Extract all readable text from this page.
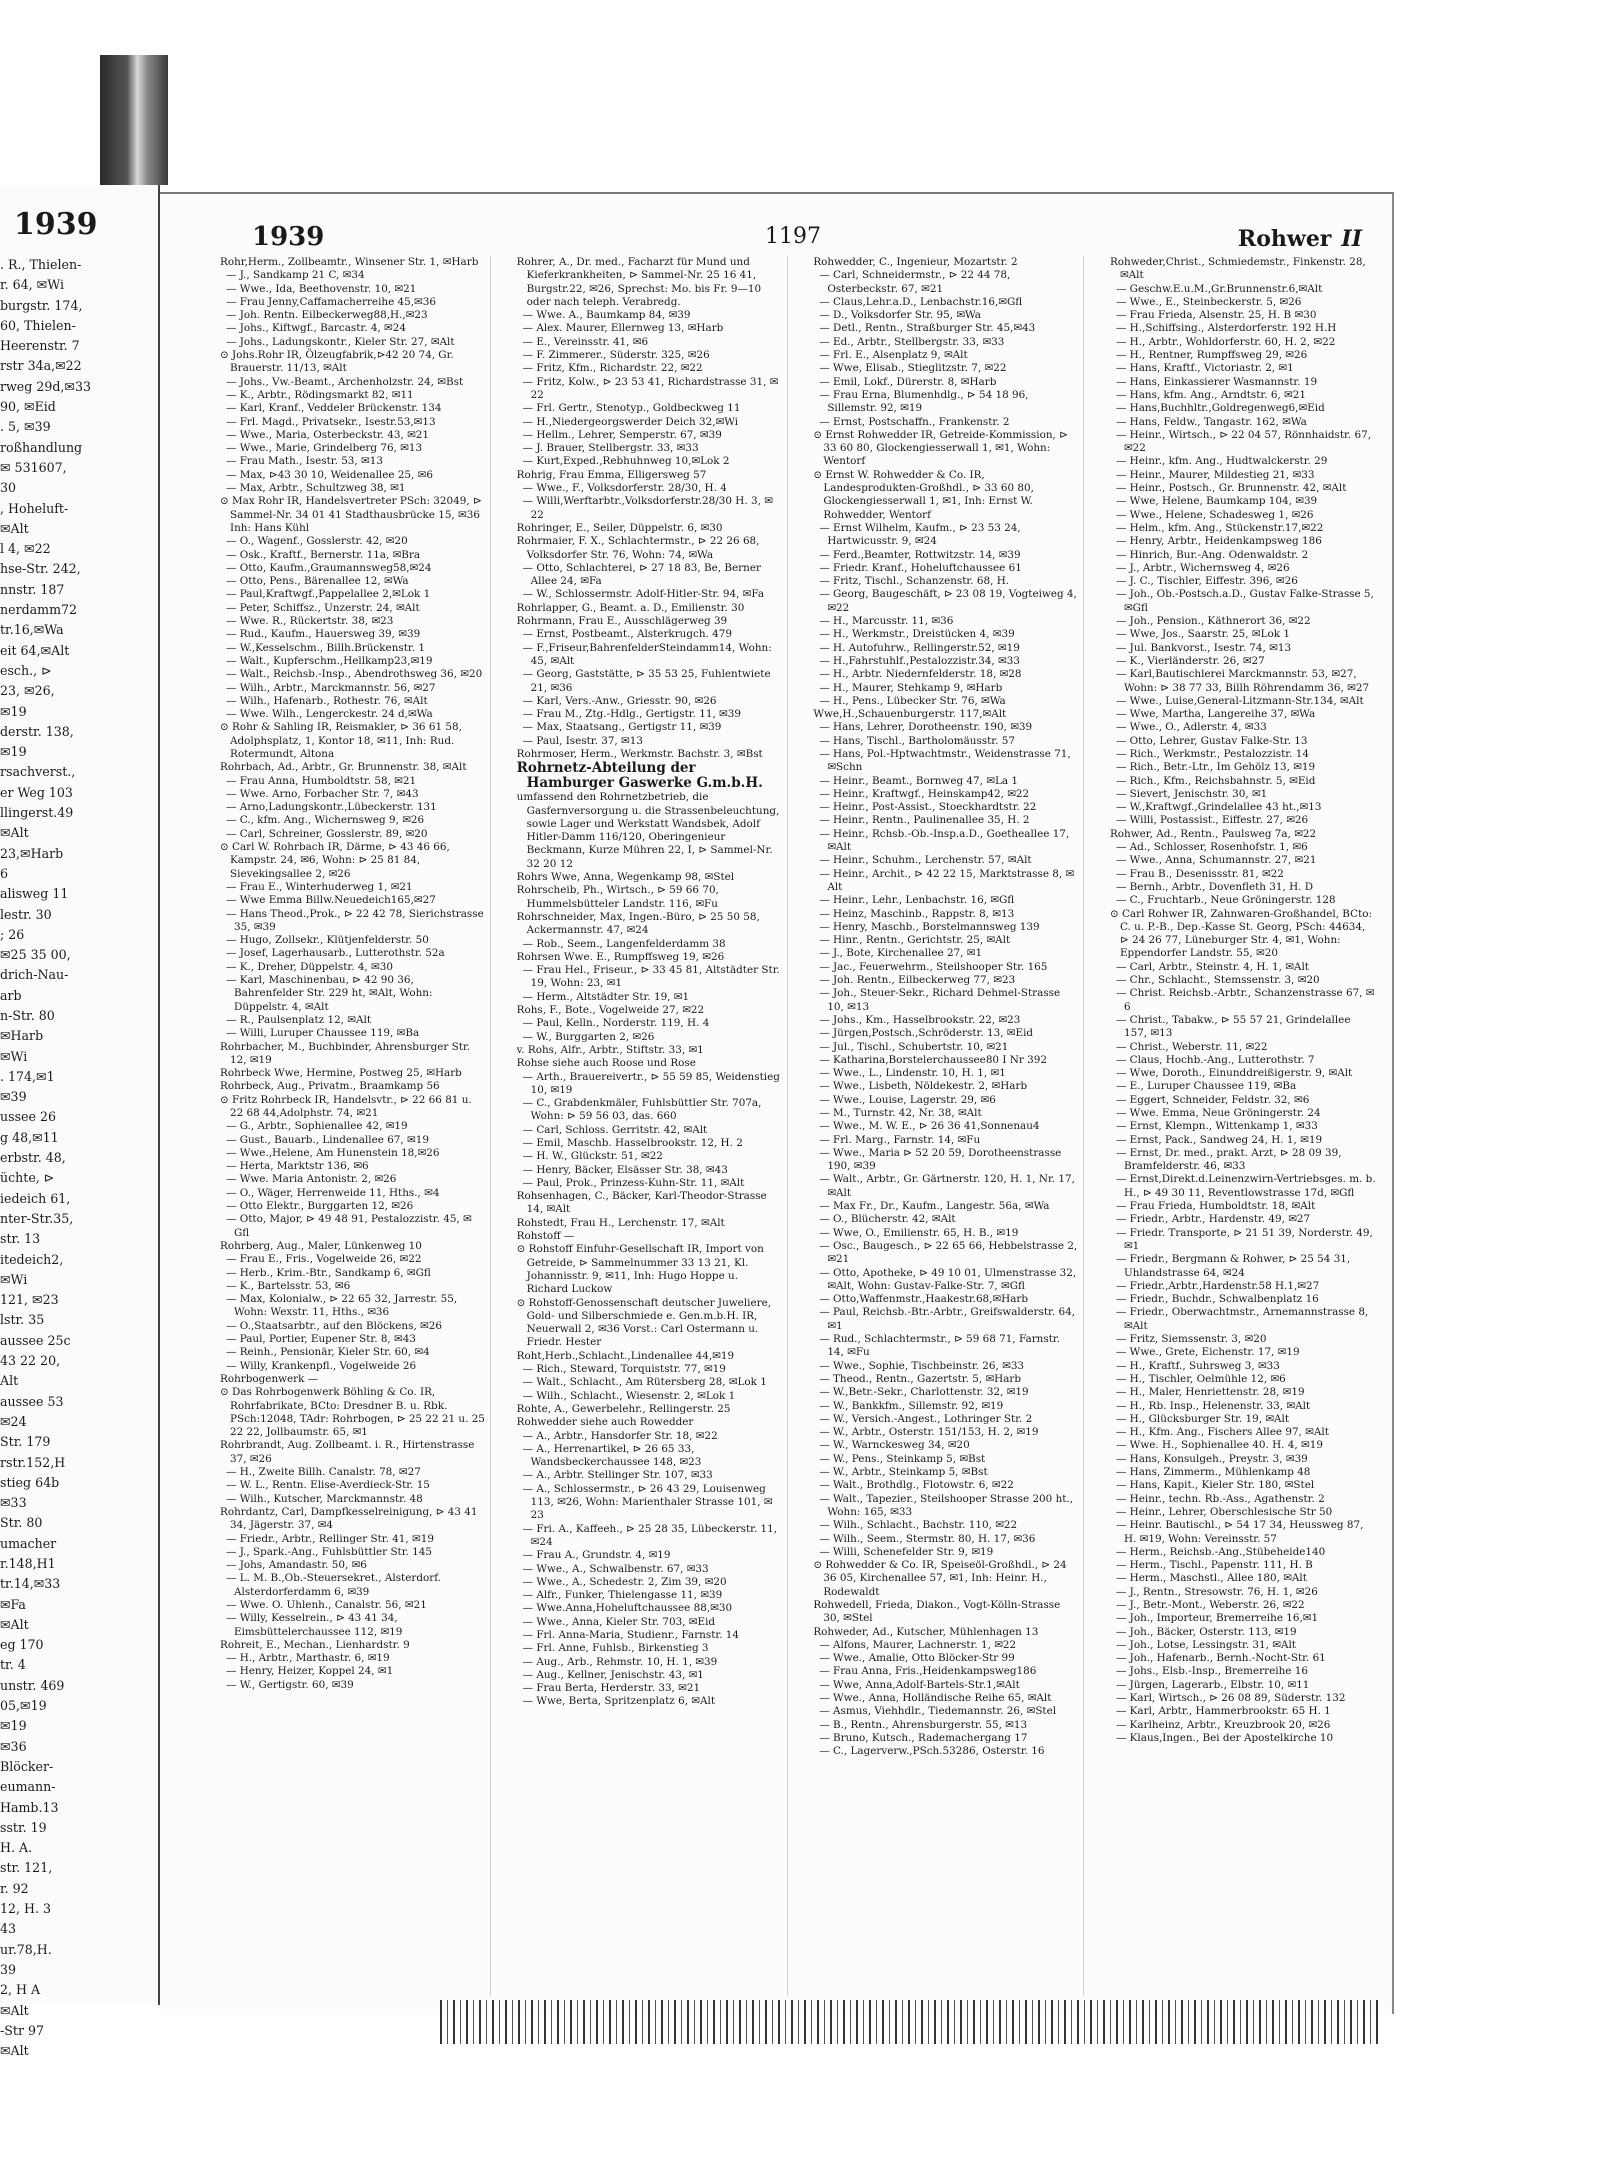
1939
. R., Thielen-
r. 64, ✉Wi
burgstr. 174,
60, Thielen-
Heerenstr. 7
rstr 34a,✉22
rweg 29d,✉33
90, ✉Eid
. 5, ✉39
roßhandlung
✉ 531607,
30
, Hoheluft-
✉Alt
l 4, ✉22
hse-Str. 242,
nnstr. 187
nerdamm72
tr.16,✉Wa
eit 64,✉Alt
esch., ⊳
23, ✉26,
✉19
derstr. 138,
✉19
rsachverst.,
er Weg 103
llingerst.49
✉Alt
23,✉Harb
6
alisweg 11
lestr. 30
; 26
✉25 35 00,
drich-Nau-
arb
n-Str. 80
✉Harb
✉Wi
. 174,✉1
✉39
ussee 26
g 48,✉11
erbstr. 48,
üchte, ⊳
iedeich 61,
nter-Str.35,
str. 13
itedeich2,
✉Wi
121, ✉23
lstr. 35
aussee 25c
43 22 20,
Alt
aussee 53
✉24
Str. 179
rstr.152,H
stieg 64b
✉33
Str. 80
umacher
r.148,H1
tr.14,✉33
✉Fa
✉Alt
eg 170
tr. 4
unstr. 469
05,✉19
✉19
✉36
Blöcker-
eumann-
Hamb.13
sstr. 19
H. A.
str. 121,
r. 92
12, H. 3
43
ur.78,H.
39
2, H A
✉Alt
-Str 97
✉Alt
1939	1197	Rohwer II

Rohr,Herm., Zollbeamtr., Winsener Str. 1, ✉Harb

— J., Sandkamp 21 C, ✉34

— Wwe., Ida, Beethovenstr. 10, ✉21

— Frau Jenny,Caffamacherreihe 45,✉36

— Joh. Rentn. Eilbeckerweg88,H.,✉23

— Johs., Kiftwgf., Barcastr. 4, ✉24

— Johs., Ladungskontr., Kieler Str. 27, ✉Alt

⊙ Johs.Rohr IR, Ölzeugfabrik,⊳42 20 74, Gr. Brauerstr. 11/13, ✉Alt

— Johs., Vw.-Beamt., Archenholzstr. 24, ✉Bst

— K., Arbtr., Rödingsmarkt 82, ✉11

— Karl, Kranf., Veddeler Brückenstr. 134

— Frl. Magd., Privatsekr., Isestr.53,✉13

— Wwe., Maria, Osterbeckstr. 43, ✉21

— Wwe., Marie, Grindelberg 76, ✉13

— Frau Math., Isestr. 53, ✉13

— Max, ⊳43 30 10, Weidenallee 25, ✉6

— Max, Arbtr., Schultzweg 38, ✉1

⊙ Max Rohr IR, Handelsvertreter PSch: 32049, ⊳ Sammel-Nr. 34 01 41 Stadthausbrücke 15, ✉36 Inh: Hans Kühl

— O., Wagenf., Gosslerstr. 42, ✉20

— Osk., Kraftf., Bernerstr. 11a, ✉Bra

— Otto, Kaufm.,Graumannsweg58,✉24

— Otto, Pens., Bärenallee 12, ✉Wa

— Paul,Kraftwgf.,Pappelallee 2,✉Lok 1

— Peter, Schiffsz., Unzerstr. 24, ✉Alt

— Wwe. R., Rückertstr. 38, ✉23

— Rud., Kaufm., Hauersweg 39, ✉39

— W.,Kesselschm., Billh.Brückenstr. 1

— Walt., Kupferschm.,Hellkamp23,✉19

— Walt., Reichsb.-Insp., Abendrothsweg 36, ✉20

— Wilh., Arbtr., Marckmannstr. 56, ✉27

— Wilh., Hafenarb., Rothestr. 76, ✉Alt

— Wwe. Wilh., Lengerckestr. 24 d,✉Wa

⊙ Rohr & Sahling IR, Reismakler, ⊳ 36 61 58, Adolphsplatz, 1, Kontor 18, ✉11, Inh: Rud. Rotermundt, Altona

Rohrbach, Ad., Arbtr., Gr. Brunnenstr. 38, ✉Alt

— Frau Anna, Humboldtstr. 58, ✉21

— Wwe. Arno, Forbacher Str. 7, ✉43

— Arno,Ladungskontr.,Lübeckerstr. 131

— C., kfm. Ang., Wichernsweg 9, ✉26

— Carl, Schreiner, Gosslerstr. 89, ✉20

⊙ Carl W. Rohrbach IR, Därme, ⊳ 43 46 66, Kampstr. 24, ✉6, Wohn: ⊳ 25 81 84, Sievekingsallee 2, ✉26

— Frau E., Winterhuderweg 1, ✉21

— Wwe Emma Billw.Neuedeich165,✉27

— Hans Theod.,Prok., ⊳ 22 42 78, Sierichstrasse 35, ✉39

— Hugo, Zollsekr., Klütjenfelderstr. 50

— Josef, Lagerhausarb., Lutterothstr. 52a

— K., Dreher, Düppelstr. 4, ✉30

— Karl, Maschinenbau, ⊳ 42 90 36, Bahrenfelder Str. 229 ht, ✉Alt, Wohn: Düppelstr. 4, ✉Alt

— R., Paulsenplatz 12, ✉Alt

— Willi, Luruper Chaussee 119, ✉Ba

Rohrbacher, M., Buchbinder, Ahrensburger Str. 12, ✉19

Rohrbeck Wwe, Hermine, Postweg 25, ✉Harb

Rohrbeck, Aug., Privatm., Braamkamp 56

⊙ Fritz Rohrbeck IR, Handelsvtr., ⊳ 22 66 81 u. 22 68 44,Adolphstr. 74, ✉21

— G., Arbtr., Sophienallee 42, ✉19

— Gust., Bauarb., Lindenallee 67, ✉19

— Wwe.,Helene, Am Hunenstein 18,✉26

— Herta, Marktstr 136, ✉6

— Wwe. Maria Antonistr. 2, ✉26

— O., Wäger, Herrenweide 11, Hths., ✉4

— Otto Elektr., Burggarten 12, ✉26

— Otto, Major, ⊳ 49 48 91, Pestalozzistr. 45, ✉Gfl

Rohrberg, Aug., Maler, Lünkenweg 10

— Frau E., Fris., Vogelweide 26, ✉22

— Herb., Krim.-Btr., Sandkamp 6, ✉Gfl

— K., Bartelsstr. 53, ✉6

— Max, Kolonialw., ⊳ 22 65 32, Jarrestr. 55, Wohn: Wexstr. 11, Hths., ✉36

— O.,Staatsarbtr., auf den Blöckens, ✉26

— Paul, Portier, Eupener Str. 8, ✉43

— Reinh., Pensionär, Kieler Str. 60, ✉4

— Willy, Krankenpfl., Vogelweide 26

Rohrbogenwerk —

⊙ Das Rohrbogenwerk Böhling & Co. IR, Rohrfabrikate, BCto: Dresdner B. u. Rbk. PSch:12048, TAdr: Rohrbogen, ⊳ 25 22 21 u. 25 22 22, Jollbaumstr. 65, ✉1

Rohrbrandt, Aug. Zollbeamt. i. R., Hirtenstrasse 37, ✉26

— H., Zweite Billh. Canalstr. 78, ✉27

— W. L., Rentn. Elise-Averdieck-Str. 15

— Wilh., Kutscher, Marckmannstr. 48

Rohrdantz, Carl, Dampfkesselreinigung, ⊳ 43 41 34, Jägerstr. 37, ✉4

— Friedr., Arbtr., Rellinger Str. 41, ✉19

— J., Spark.-Ang., Fuhlsbüttler Str. 145

— Johs, Amandastr. 50, ✉6

— L. M. B.,Ob.-Steuersekret., Alsterdorf. Alsterdorferdamm 6, ✉39

— Wwe. O. Uhlenh., Canalstr. 56, ✉21

— Willy, Kesselrein., ⊳ 43 41 34, Eimsbüttelerchaussee 112, ✉19

Rohreit, E., Mechan., Lienhardstr. 9

— H., Arbtr., Marthastr. 6, ✉19

— Henry, Heizer, Koppel 24, ✉1

— W., Gertigstr. 60, ✉39

Rohrer, A., Dr. med., Facharzt für Mund und Kieferkrankheiten, ⊳ Sammel-Nr. 25 16 41, Burgstr.22, ✉26, Sprechst: Mo. bis Fr. 9—10 oder nach teleph. Verabredg.

— Wwe. A., Baumkamp 84, ✉39

— Alex. Maurer, Ellernweg 13, ✉Harb

— E., Vereinsstr. 41, ✉6

— F. Zimmerer., Süderstr. 325, ✉26

— Fritz, Kfm., Richardstr. 22, ✉22

— Fritz, Kolw., ⊳ 23 53 41, Richardstrasse 31, ✉22

— Frl. Gertr., Stenotyp., Goldbeckweg 11

— H.,Niedergeorgswerder Deich 32,✉Wi

— Hellm., Lehrer, Semperstr. 67, ✉39

— J. Brauer, Stellbergstr. 33, ✉33

— Kurt,Exped.,Rebhuhnweg 10,✉Lok 2

Rohrig, Frau Emma, Elligersweg 57

— Wwe., F., Volksdorferstr. 28/30, H. 4

— Willi,Werftarbtr.,Volksdorferstr.28/30 H. 3, ✉22

Rohringer, E., Seiler, Düppelstr. 6, ✉30

Rohrmaier, F. X., Schlachtermstr., ⊳ 22 26 68, Volksdorfer Str. 76, Wohn: 74, ✉Wa

— Otto, Schlachterei, ⊳ 27 18 83, Be, Berner Allee 24, ✉Fa

— W., Schlossermstr. Adolf-Hitler-Str. 94, ✉Fa

Rohrlapper, G., Beamt. a. D., Emilienstr. 30

Rohrmann, Frau E., Ausschlägerweg 39

— Ernst, Postbeamt., Alsterkrugch. 479

— F.,Friseur,BahrenfelderSteindamm14, Wohn: 45, ✉Alt

— Georg, Gaststätte, ⊳ 35 53 25, Fuhlentwiete 21, ✉36

— Karl, Vers.-Anw., Griesstr. 90, ✉26

— Frau M., Ztg.-Hdlg., Gertigstr. 11, ✉39

— Max, Staatsang., Gertigstr 11, ✉39

— Paul, Isestr. 37, ✉13

Rohrmoser, Herm., Werkmstr. Bachstr. 3, ✉Bst

Rohrnetz-Abteilung der Hamburger Gaswerke G.m.b.H.

umfassend den Rohrnetzbetrieb, die Gasfernversorgung u. die Strassenbeleuchtung, sowie Lager und Werkstatt Wandsbek, Adolf Hitler-Damm 116/120, Oberingenieur Beckmann, Kurze Mühren 22, I, ⊳ Sammel-Nr. 32 20 12

Rohrs Wwe, Anna, Wegenkamp 98, ✉Stel

Rohrscheib, Ph., Wirtsch., ⊳ 59 66 70, Hummelsbütteler Landstr. 116, ✉Fu

Rohrschneider, Max, Ingen.-Büro, ⊳ 25 50 58, Ackermannstr. 47, ✉24

— Rob., Seem., Langenfelderdamm 38

Rohrsen Wwe. E., Rumpffsweg 19, ✉26

— Frau Hel., Friseur., ⊳ 33 45 81, Altstädter Str. 19, Wohn: 23, ✉1

— Herm., Altstädter Str. 19, ✉1

Rohs, F., Bote., Vogelweide 27, ✉22

— Paul, Kelln., Norderstr. 119, H. 4

— W., Burggarten 2, ✉26

v. Rohs, Alfr., Arbtr., Stiftstr. 33, ✉1

Rohse siehe auch Roose und Rose

— Arth., Brauereivertr., ⊳ 55 59 85, Weidenstieg 10, ✉19

— C., Grabdenkmäler, Fuhlsbüttler Str. 707a, Wohn: ⊳ 59 56 03, das. 660

— Carl, Schloss. Gerritstr. 42, ✉Alt

— Emil, Maschb. Hasselbrookstr. 12, H. 2

— H. W., Glückstr. 51, ✉22

— Henry, Bäcker, Elsässer Str. 38, ✉43

— Paul, Prok., Prinzess-Kuhn-Str. 11, ✉Alt

Rohsenhagen, C., Bäcker, Karl-Theodor-Strasse 14, ✉Alt

Rohstedt, Frau H., Lerchenstr. 17, ✉Alt

Rohstoff —

⊙ Rohstoff Einfuhr-Gesellschaft IR, Import von Getreide, ⊳ Sammelnummer 33 13 21, Kl. Johannisstr. 9, ✉11, Inh: Hugo Hoppe u. Richard Luckow

⊙ Rohstoff-Genossenschaft deutscher Juweliere, Gold- und Silberschmiede e. Gen.m.b.H. IR, Neuerwall 2, ✉36 Vorst.: Carl Ostermann u. Friedr. Hester

Roht,Herb.,Schlacht.,Lindenallee 44,✉19

— Rich., Steward, Torquiststr. 77, ✉19

— Walt., Schlacht., Am Rütersberg 28, ✉Lok 1

— Wilh., Schlacht., Wiesenstr. 2, ✉Lok 1

Rohte, A., Gewerbelehr., Rellingerstr. 25

Rohwedder siehe auch Rowedder

— A., Arbtr., Hansdorfer Str. 18, ✉22

— A., Herrenartikel, ⊳ 26 65 33, Wandsbeckerchaussee 148, ✉23

— A., Arbtr. Stellinger Str. 107, ✉33

— A., Schlossermstr., ⊳ 26 43 29, Louisenweg 113, ✉26, Wohn: Marienthaler Strasse 101, ✉23

— Fri. A., Kaffeeh., ⊳ 25 28 35, Lübeckerstr. 11, ✉24

— Frau A., Grundstr. 4, ✉19

— Wwe., A., Schwalbenstr. 67, ✉33

— Wwe., A., Schedestr. 2, Zim 39, ✉20

— Alfr., Funker, Thielengasse 11, ✉39

— Wwe.Anna,Hoheluftchaussee 88,✉30

— Wwe., Anna, Kieler Str. 703, ✉Eid

— Frl. Anna-Maria, Studienr., Farnstr. 14

— Frl. Anne, Fuhlsb., Birkenstieg 3

— Aug., Arb., Rehmstr. 10, H. 1, ✉39

— Aug., Kellner, Jenischstr. 43, ✉1

— Frau Berta, Herderstr. 33, ✉21

— Wwe, Berta, Spritzenplatz 6, ✉Alt

Rohwedder, C., Ingenieur, Mozartstr. 2

— Carl, Schneidermstr., ⊳ 22 44 78, Osterbeckstr. 67, ✉21

— Claus,Lehr.a.D., Lenbachstr.16,✉Gfl

— D., Volksdorfer Str. 95, ✉Wa

— Detl., Rentn., Straßburger Str. 45,✉43

— Ed., Arbtr., Stellbergstr. 33, ✉33

— Frl. E., Alsenplatz 9, ✉Alt

— Wwe, Elisab., Stieglitzstr. 7, ✉22

— Emil, Lokf., Dürerstr. 8, ✉Harb

— Frau Erna, Blumenhdlg., ⊳ 54 18 96, Sillemstr. 92, ✉19

— Ernst, Postschaffn., Frankenstr. 2

⊙ Ernst Rohwedder IR, Getreide-Kommission, ⊳ 33 60 80, Glockengiesserwall 1, ✉1, Wohn: Wentorf

⊙ Ernst W. Rohwedder & Co. IR, Landesprodukten-Großhdl., ⊳ 33 60 80, Glockengiesserwall 1, ✉1, Inh: Ernst W. Rohwedder, Wentorf

— Ernst Wilhelm, Kaufm., ⊳ 23 53 24, Hartwicusstr. 9, ✉24

— Ferd.,Beamter, Rottwitzstr. 14, ✉39

— Friedr. Kranf., Hoheluftchaussee 61

— Fritz, Tischl., Schanzenstr. 68, H.

— Georg, Baugeschäft, ⊳ 23 08 19, Vogteiweg 4, ✉22

— H., Marcusstr. 11, ✉36

— H., Werkmstr., Dreistücken 4, ✉39

— H. Autofuhrw., Rellingerstr.52, ✉19

— H.,Fahrstuhlf.,Pestalozzistr.34, ✉33

— H., Arbtr. Niedernfelderstr. 18, ✉28

— H., Maurer, Stehkamp 9, ✉Harb

— H., Pens., Lübecker Str. 76, ✉Wa

Wwe,H.,Schauenburgerstr. 117,✉Alt

— Hans, Lehrer, Dorotheenstr. 190, ✉39

— Hans, Tischl., Bartholomäusstr. 57

— Hans, Pol.-Hptwachtmstr., Weidenstrasse 71, ✉Schn

— Heinr., Beamt., Bornweg 47, ✉La 1

— Heinr., Kraftwgf., Heinskamp42, ✉22

— Heinr., Post-Assist., Stoeckhardtstr. 22

— Heinr., Rentn., Paulinenallee 35, H. 2

— Heinr., Rchsb.-Ob.-Insp.a.D., Goetheallee 17, ✉Alt

— Heinr., Schuhm., Lerchenstr. 57, ✉Alt

— Heinr., Archit., ⊳ 42 22 15, Marktstrasse 8, ✉Alt

— Heinr., Lehr., Lenbachstr. 16, ✉Gfl

— Heinz, Maschinb., Rappstr. 8, ✉13

— Henry, Maschb., Borstelmannsweg 139

— Hinr., Rentn., Gerichtstr. 25, ✉Alt

— J., Bote, Kirchenallee 27, ✉1

— Jac., Feuerwehrm., Steilshooper Str. 165

— Joh. Rentn., Eilbeckerweg 77, ✉23

— Joh., Steuer-Sekr., Richard Dehmel-Strasse 10, ✉13

— Johs., Km., Hasselbrookstr. 22, ✉23

— Jürgen,Postsch.,Schröderstr. 13, ✉Eid

— Jul., Tischl., Schubertstr. 10, ✉21

— Katharina,Borstelerchaussee80 I Nr 392

— Wwe., L., Lindenstr. 10, H. 1, ✉1

— Wwe., Lisbeth, Nöldekestr. 2, ✉Harb

— Wwe., Louise, Lagerstr. 29, ✉6

— M., Turnstr. 42, Nr. 38, ✉Alt

— Wwe., M. W. E., ⊳ 26 36 41,Sonnenau4

— Frl. Marg., Farnstr. 14, ✉Fu

— Wwe., Maria ⊳ 52 20 59, Dorotheenstrasse 190, ✉39

— Walt., Arbtr., Gr. Gärtnerstr. 120, H. 1, Nr. 17, ✉Alt

— Max Fr., Dr., Kaufm., Langestr. 56a, ✉Wa

— O., Blücherstr. 42, ✉Alt

— Wwe, O., Emilienstr. 65, H. B., ✉19

— Osc., Baugesch., ⊳ 22 65 66, Hebbelstrasse 2, ✉21

— Otto, Apotheke, ⊳ 49 10 01, Ulmenstrasse 32, ✉Alt, Wohn: Gustav-Falke-Str. 7, ✉Gfl

— Otto,Waffenmstr.,Haakestr.68,✉Harb

— Paul, Reichsb.-Btr.-Arbtr., Greifswalderstr. 64, ✉1

— Rud., Schlachtermstr., ⊳ 59 68 71, Farnstr. 14, ✉Fu

— Wwe., Sophie, Tischbeinstr. 26, ✉33

— Theod., Rentn., Gazertstr. 5, ✉Harb

— W.,Betr.-Sekr., Charlottenstr. 32, ✉19

— W., Bankkfm., Sillemstr. 92, ✉19

— W., Versich.-Angest., Lothringer Str. 2

— W., Arbtr., Osterstr. 151/153, H. 2, ✉19

— W., Warnckesweg 34, ✉20

— W., Pens., Steinkamp 5, ✉Bst

— W., Arbtr., Steinkamp 5, ✉Bst

— Walt., Brothdlg., Flotowstr. 6, ✉22

— Walt., Tapezier., Steilshooper Strasse 200 ht., Wohn: 165, ✉33

— Wilh., Schlacht., Bachstr. 110, ✉22

— Wilh., Seem., Stermstr. 80, H. 17, ✉36

— Willi, Schenefelder Str. 9, ✉19

⊙ Rohwedder & Co. IR, Speiseöl-Großhdl., ⊳ 24 36 05, Kirchenallee 57, ✉1, Inh: Heinr. H., Rodewaldt

Rohwedell, Frieda, Diakon., Vogt-Kölln-Strasse 30, ✉Stel

Rohweder, Ad., Kutscher, Mühlenhagen 13

— Alfons, Maurer, Lachnerstr. 1, ✉22

— Wwe., Amalie, Otto Blöcker-Str 99

— Frau Anna, Fris.,Heidenkampsweg186

— Wwe, Anna,Adolf-Bartels-Str.1,✉Alt

— Wwe., Anna, Holländische Reihe 65, ✉Alt

— Asmus, Viehhdlr., Tiedemannstr. 26, ✉Stel

— B., Rentn., Ahrensburgerstr. 55, ✉13

— Bruno, Kutsch., Rademachergang 17

— C., Lagerverw.,PSch.53286, Osterstr. 16

Rohweder,Christ., Schmiedemstr., Finkenstr. 28, ✉Alt

— Geschw.E.u.M.,Gr.Brunnenstr.6,✉Alt

— Wwe., E., Steinbeckerstr. 5, ✉26

— Frau Frieda, Alsenstr. 25, H. B ✉30

— H.,Schiffsing., Alsterdorferstr. 192 H.H

— H., Arbtr., Wohldorferstr. 60, H. 2, ✉22

— H., Rentner, Rumpffsweg 29, ✉26

— Hans, Kraftf., Victoriastr. 2, ✉1

— Hans, Einkassierer Wasmannstr. 19

— Hans, kfm. Ang., Arndtstr. 6, ✉21

— Hans,Buchhltr.,Goldregenweg6,✉Eid

— Hans, Feldw., Tangastr. 162, ✉Wa

— Heinr., Wirtsch., ⊳ 22 04 57, Rönnhaidstr. 67, ✉22

— Heinr., kfm. Ang., Hudtwalckerstr. 29

— Heinr., Maurer, Mildestieg 21, ✉33

— Heinr., Postsch., Gr. Brunnenstr. 42, ✉Alt

— Wwe, Helene, Baumkamp 104, ✉39

— Wwe., Helene, Schadesweg 1, ✉26

— Helm., kfm. Ang., Stückenstr.17,✉22

— Henry, Arbtr., Heidenkampsweg 186

— Hinrich, Bur.-Ang. Odenwaldstr. 2

— J., Arbtr., Wichernsweg 4, ✉26

— J. C., Tischler, Eiffestr. 396, ✉26

— Joh., Ob.-Postsch.a.D., Gustav Falke-Strasse 5, ✉Gfl

— Joh., Pension., Käthnerort 36, ✉22

— Wwe, Jos., Saarstr. 25, ✉Lok 1

— Jul. Bankvorst., Isestr. 74, ✉13

— K., Vierländerstr. 26, ✉27

— Karl,Bautischlerei Marckmannstr. 53, ✉27, Wohn: ⊳ 38 77 33, Billh Röhrendamm 36, ✉27

— Wwe., Luise,General-Litzmann-Str.134, ✉Alt

— Wwe, Martha, Langereihe 37, ✉Wa

— Wwe., O., Adlerstr. 4, ✉33

— Otto, Lehrer, Gustav Falke-Str. 13

— Rich., Werkmstr., Pestalozzistr. 14

— Rich., Betr.-Ltr., Im Gehölz 13, ✉19

— Rich., Kfm., Reichsbahnstr. 5, ✉Eid

— Sievert, Jenischstr. 30, ✉1

— W.,Kraftwgf.,Grindelallee 43 ht.,✉13

— Willi, Postassist., Eiffestr. 27, ✉26

Rohwer, Ad., Rentn., Paulsweg 7a, ✉22

— Ad., Schlosser, Rosenhofstr. 1, ✉6

— Wwe., Anna, Schumannstr. 27, ✉21

— Frau B., Desenissstr. 81, ✉22

— Bernh., Arbtr., Dovenfleth 31, H. D

— C., Fruchtarb., Neue Gröningerstr. 128

⊙ Carl Rohwer IR, Zahnwaren-Großhandel, BCto: C. u. P.-B., Dep.-Kasse St. Georg, PSch: 44634, ⊳ 24 26 77, Lüneburger Str. 4, ✉1, Wohn: Eppendorfer Landstr. 55, ✉20

— Carl, Arbtr., Steinstr. 4, H. 1, ✉Alt

— Chr., Schlacht., Stemssenstr. 3, ✉20

— Christ. Reichsb.-Arbtr., Schanzenstrasse 67, ✉6

— Christ., Tabakw., ⊳ 55 57 21, Grindelallee 157, ✉13

— Christ., Weberstr. 11, ✉22

— Claus, Hochb.-Ang., Lutterothstr. 7

— Wwe, Doroth., Einunddreißigerstr. 9, ✉Alt

— E., Luruper Chaussee 119, ✉Ba

— Eggert, Schneider, Feldstr. 32, ✉6

— Wwe. Emma, Neue Gröningerstr. 24

— Ernst, Klempn., Wittenkamp 1, ✉33

— Ernst, Pack., Sandweg 24, H. 1, ✉19

— Ernst, Dr. med., prakt. Arzt, ⊳ 28 09 39, Bramfelderstr. 46, ✉33

— Ernst,Direkt.d.Leinenzwirn-Vertriebsges. m. b. H., ⊳ 49 30 11, Reventlowstrasse 17d, ✉Gfl

— Frau Frieda, Humboldtstr. 18, ✉Alt

— Friedr., Arbtr., Hardenstr. 49, ✉27

— Friedr. Transporte, ⊳ 21 51 39, Norderstr. 49, ✉1

— Friedr., Bergmann & Rohwer, ⊳ 25 54 31, Uhlandstrasse 64, ✉24

— Friedr.,Arbtr.,Hardenstr.58 H.1,✉27

— Friedr., Buchdr., Schwalbenplatz 16

— Friedr., Oberwachtmstr., Arnemannstrasse 8, ✉Alt

— Fritz, Siemssenstr. 3, ✉20

— Wwe., Grete, Eichenstr. 17, ✉19

— H., Kraftf., Suhrsweg 3, ✉33

— H., Tischler, Oelmühle 12, ✉6

— H., Maler, Henriettenstr. 28, ✉19

— H., Rb. Insp., Helenenstr. 33, ✉Alt

— H., Glücksburger Str. 19, ✉Alt

— H., Kfm. Ang., Fischers Allee 97, ✉Alt

— Wwe. H., Sophienallee 40. H. 4, ✉19

— Hans, Konsulgeh., Preystr. 3, ✉39

— Hans, Zimmerm., Mühlenkamp 48

— Hans, Kapit., Kieler Str. 180, ✉Stel

— Heinr., techn. Rb.-Ass., Agathenstr. 2

— Heinr., Lehrer, Oberschlesische Str 50

— Heinr. Bautischl., ⊳ 54 17 34, Heussweg 87, H. ✉19, Wohn: Vereinsstr. 57

— Herm., Reichsb.-Ang.,Stübeheide140

— Herm., Tischl., Papenstr. 111, H. B

— Herm., Maschstl., Allee 180, ✉Alt

— J., Rentn., Stresowstr. 76, H. 1, ✉26

— J., Betr.-Mont., Weberstr. 26, ✉22

— Joh., Importeur, Bremerreihe 16,✉1

— Joh., Bäcker, Osterstr. 113, ✉19

— Joh., Lotse, Lessingstr. 31, ✉Alt

— Joh., Hafenarb., Bernh.-Nocht-Str. 61

— Johs., Elsb.-Insp., Bremerreihe 16

— Jürgen, Lagerarb., Elbstr. 10, ✉11

— Karl, Wirtsch., ⊳ 26 08 89, Süderstr. 132

— Karl, Arbtr., Hammerbrookstr. 65 H. 1

— Karlheinz, Arbtr., Kreuzbrook 20, ✉26

— Klaus,Ingen., Bei der Apostelkirche 10
